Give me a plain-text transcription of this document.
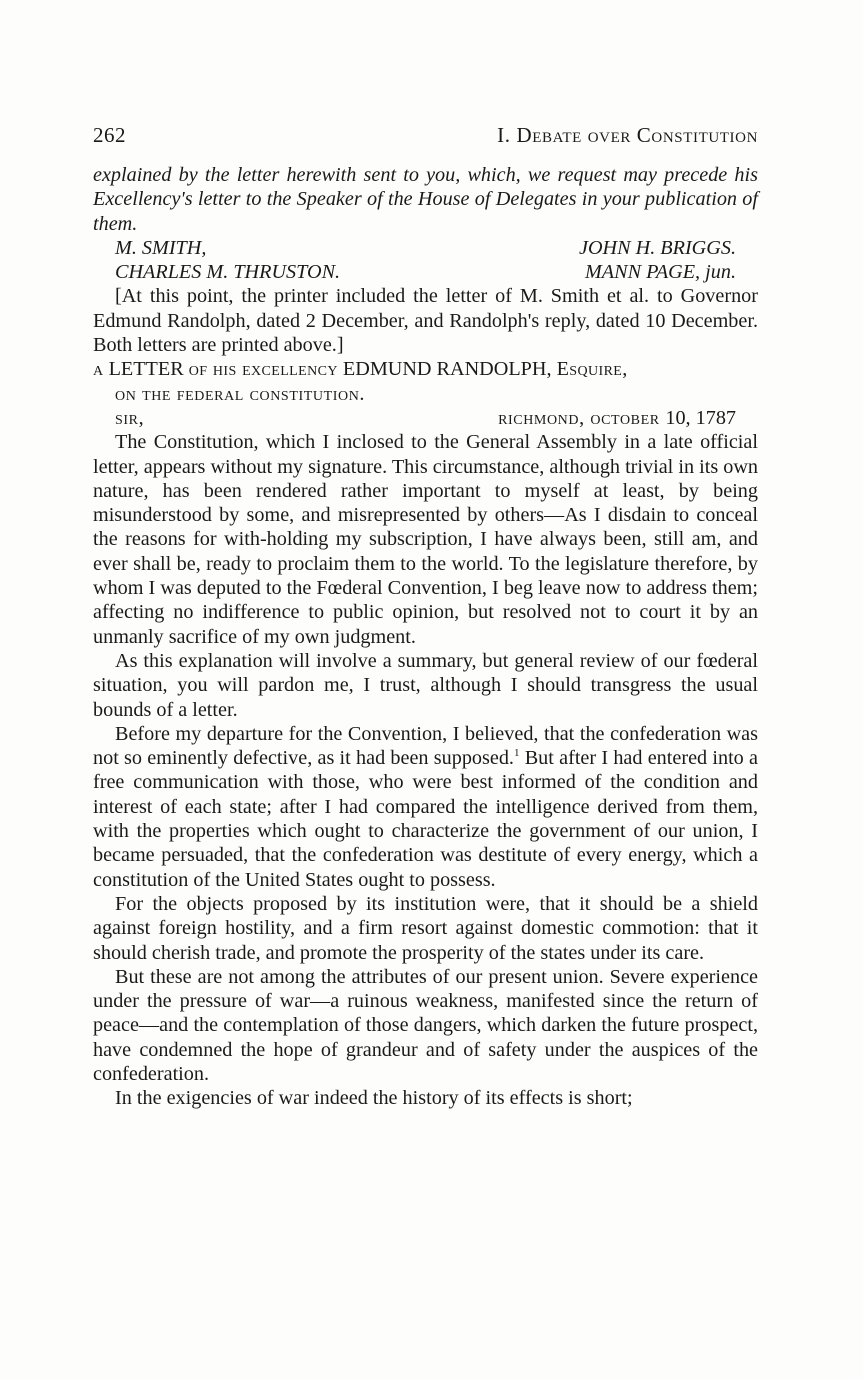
262	I. Debate over Constitution

explained by the letter herewith sent to you, which, we request may precede his Excellency's letter to the Speaker of the House of Delegates in your publication of them.

M. SMITH,	JOHN H. BRIGGS.
CHARLES M. THRUSTON.	MANN PAGE, jun.

[At this point, the printer included the letter of M. Smith et al. to Governor Edmund Randolph, dated 2 December, and Randolph's reply, dated 10 December. Both letters are printed above.]

a LETTER of his excellency EDMUND RANDOLPH, Esquire,
on the federal constitution.
sir,	richmond, october 10, 1787

The Constitution, which I inclosed to the General Assembly in a late official letter, appears without my signature. This circumstance, although trivial in its own nature, has been rendered rather important to myself at least, by being misunderstood by some, and misrepresented by others—As I disdain to conceal the reasons for with-holding my subscription, I have always been, still am, and ever shall be, ready to proclaim them to the world. To the legislature therefore, by whom I was deputed to the Fœderal Convention, I beg leave now to address them; affecting no indifference to public opinion, but resolved not to court it by an unmanly sacrifice of my own judgment.

As this explanation will involve a summary, but general review of our fœderal situation, you will pardon me, I trust, although I should transgress the usual bounds of a letter.

Before my departure for the Convention, I believed, that the confederation was not so eminently defective, as it had been supposed.$^1$ But after I had entered into a free communication with those, who were best informed of the condition and interest of each state; after I had compared the intelligence derived from them, with the properties which ought to characterize the government of our union, I became persuaded, that the confederation was destitute of every energy, which a constitution of the United States ought to possess.

For the objects proposed by its institution were, that it should be a shield against foreign hostility, and a firm resort against domestic commotion: that it should cherish trade, and promote the prosperity of the states under its care.

But these are not among the attributes of our present union. Severe experience under the pressure of war—a ruinous weakness, manifested since the return of peace—and the contemplation of those dangers, which darken the future prospect, have condemned the hope of grandeur and of safety under the auspices of the confederation.

In the exigencies of war indeed the history of its effects is short;
